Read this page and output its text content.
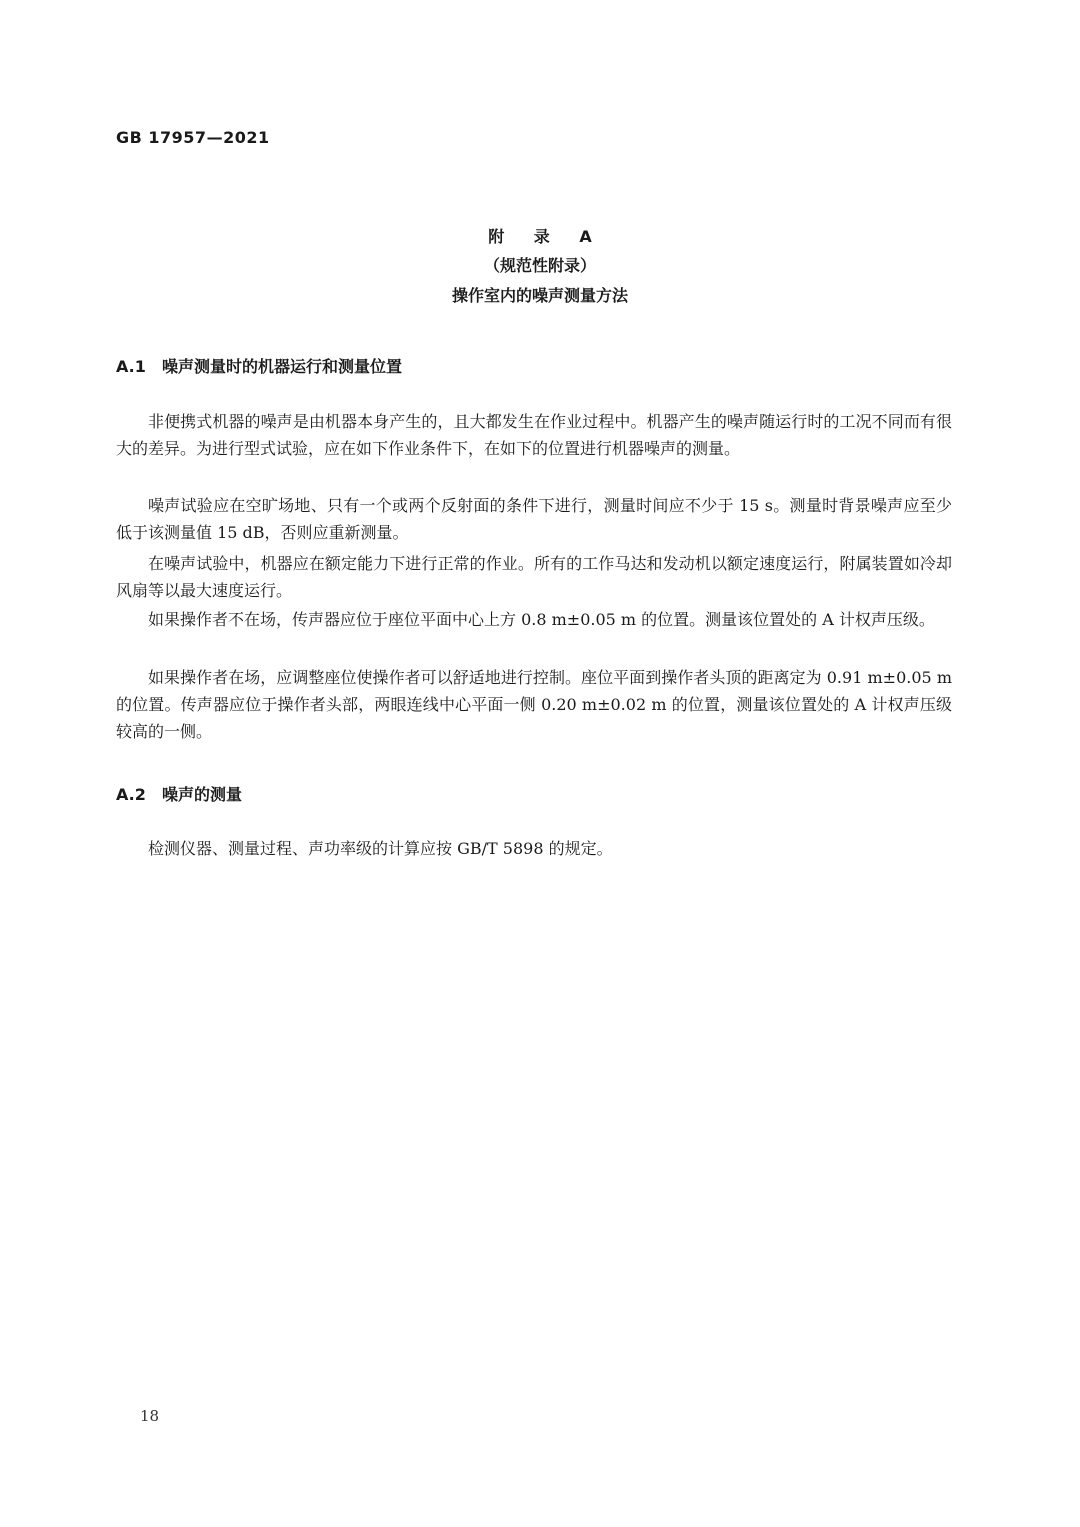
GB 17957—2021
附 录 A
（规范性附录）
操作室内的噪声测量方法
A.1 噪声测量时的机器运行和测量位置

非便携式机器的噪声是由机器本身产生的，且大都发生在作业过程中。机器产生的噪声随运行时的工况不同而有很大的差异。为进行型式试验，应在如下作业条件下，在如下的位置进行机器噪声的测量。

噪声试验应在空旷场地、只有一个或两个反射面的条件下进行，测量时间应不少于 15 s。测量时背景噪声应至少低于该测量值 15 dB，否则应重新测量。

在噪声试验中，机器应在额定能力下进行正常的作业。所有的工作马达和发动机以额定速度运行，附属装置如冷却风扇等以最大速度运行。

如果操作者不在场，传声器应位于座位平面中心上方 0.8 m±0.05 m 的位置。测量该位置处的 A 计权声压级。

如果操作者在场，应调整座位使操作者可以舒适地进行控制。座位平面到操作者头顶的距离定为 0.91 m±0.05 m 的位置。传声器应位于操作者头部，两眼连线中心平面一侧 0.20 m±0.02 m 的位置，测量该位置处的 A 计权声压级较高的一侧。

A.2 噪声的测量

检测仪器、测量过程、声功率级的计算应按 GB/T 5898 的规定。

18
